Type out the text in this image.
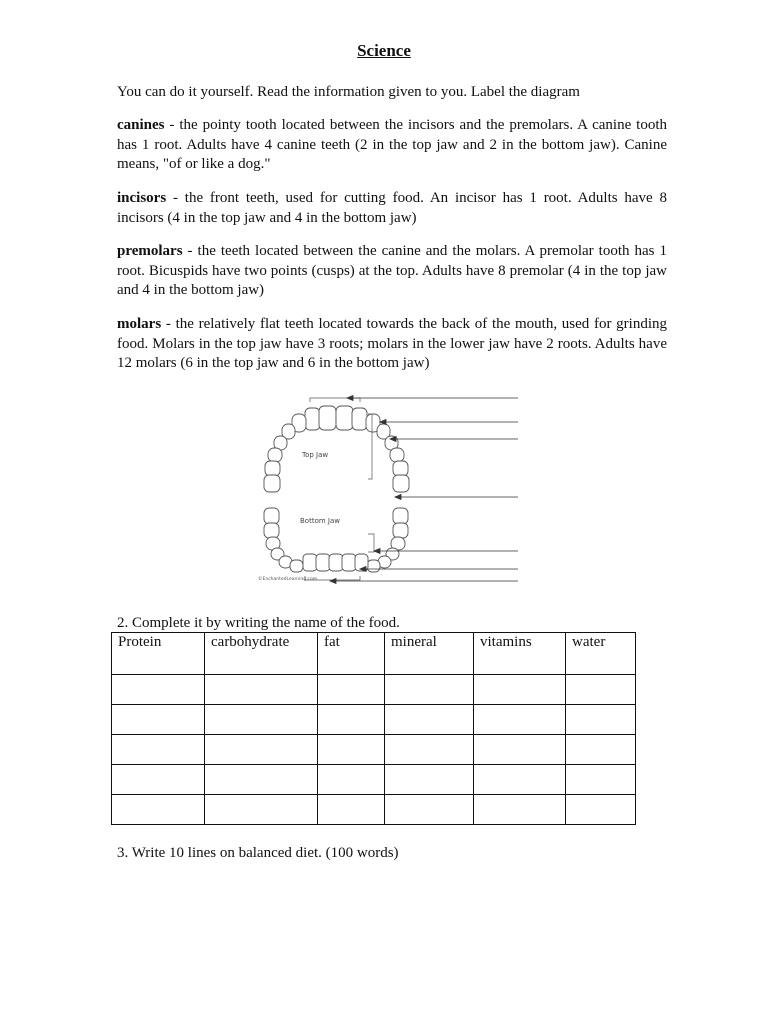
Science
You can do it yourself. Read the information given to you. Label the diagram
canines - the pointy tooth located between the incisors and the premolars. A canine tooth has 1 root. Adults have 4 canine teeth (2 in the top jaw and 2 in the bottom jaw). Canine means, "of or like a dog."
incisors - the front teeth, used for cutting food. An incisor has 1 root. Adults have 8 incisors (4 in the top jaw and 4 in the bottom jaw)
premolars - the teeth located between the canine and the molars. A premolar tooth has 1 root. Bicuspids have two points (cusps) at the top. Adults have 8 premolar (4 in the top jaw and 4 in the bottom jaw)
molars - the relatively flat teeth located towards the back of the mouth, used for grinding food. Molars in the top jaw have 3 roots; molars in the lower jaw have 2 roots. Adults have 12 molars (6 in the top jaw and 6 in the bottom jaw)
Top Jaw
Bottom Jaw
©EnchantedLearning.com
2. Complete it by writing the name of the food.
Protein	carbohydrate	fat	mineral	vitamins	water

3. Write 10 lines on balanced diet. (100 words)
